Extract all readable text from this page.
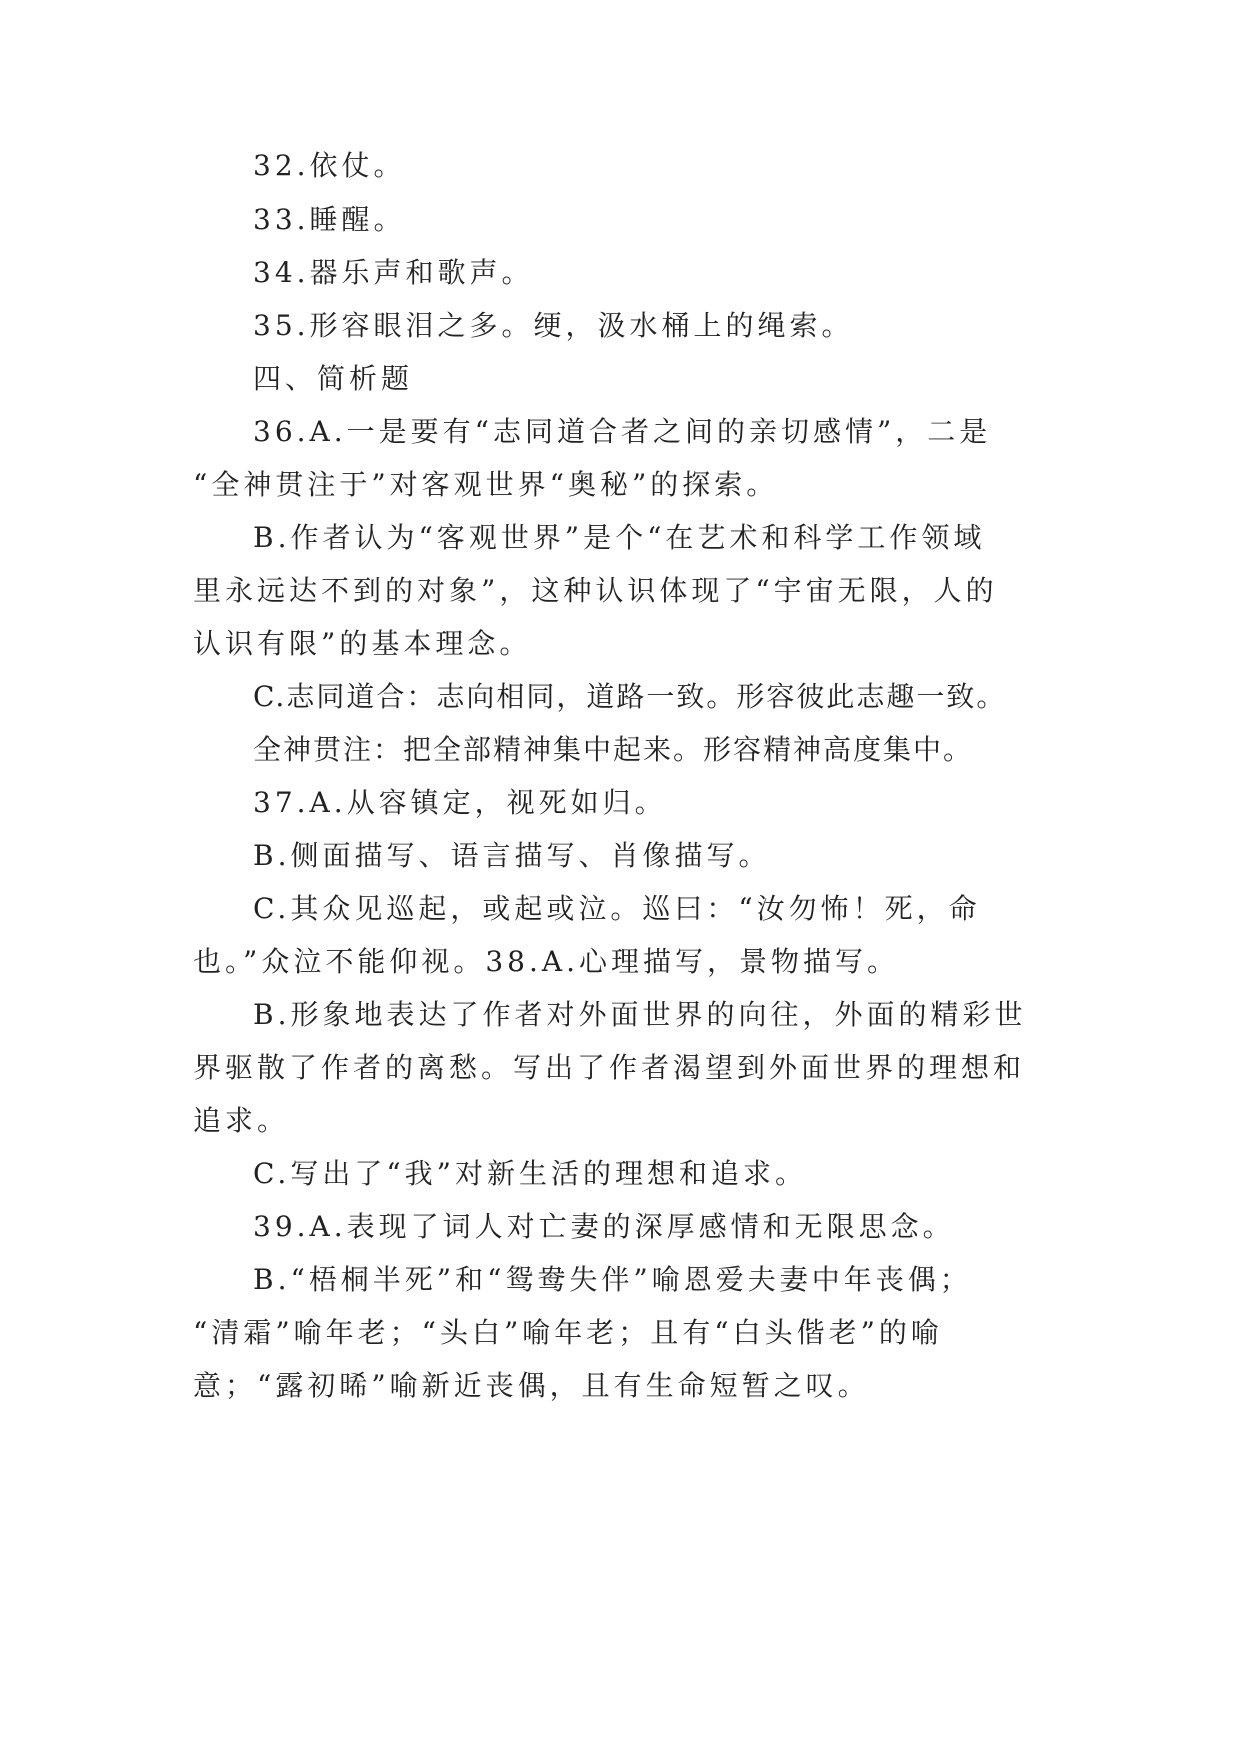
32.依仗。
33.睡醒。
34.器乐声和歌声。
35.形容眼泪之多。绠，汲水桶上的绳索。
四、简析题
36.A.一是要有“志同道合者之间的亲切感情”，二是
“全神贯注于”对客观世界“奥秘”的探索。
B.作者认为“客观世界”是个“在艺术和科学工作领域
里永远达不到的对象”，这种认识体现了“宇宙无限，人的
认识有限”的基本理念。
C.志同道合：志向相同，道路一致。形容彼此志趣一致。
全神贯注：把全部精神集中起来。形容精神高度集中。
37.A.从容镇定，视死如归。
B.侧面描写、语言描写、肖像描写。
C.其众见巡起，或起或泣。巡曰：“汝勿怖！死，命
也。”众泣不能仰视。38.A.心理描写，景物描写。
B.形象地表达了作者对外面世界的向往，外面的精彩世
界驱散了作者的离愁。写出了作者渴望到外面世界的理想和
追求。
C.写出了“我”对新生活的理想和追求。
39.A.表现了词人对亡妻的深厚感情和无限思念。
B.“梧桐半死”和“鸳鸯失伴”喻恩爱夫妻中年丧偶；
“清霜”喻年老；“头白”喻年老；且有“白头偕老”的喻
意；“露初晞”喻新近丧偶，且有生命短暂之叹。
